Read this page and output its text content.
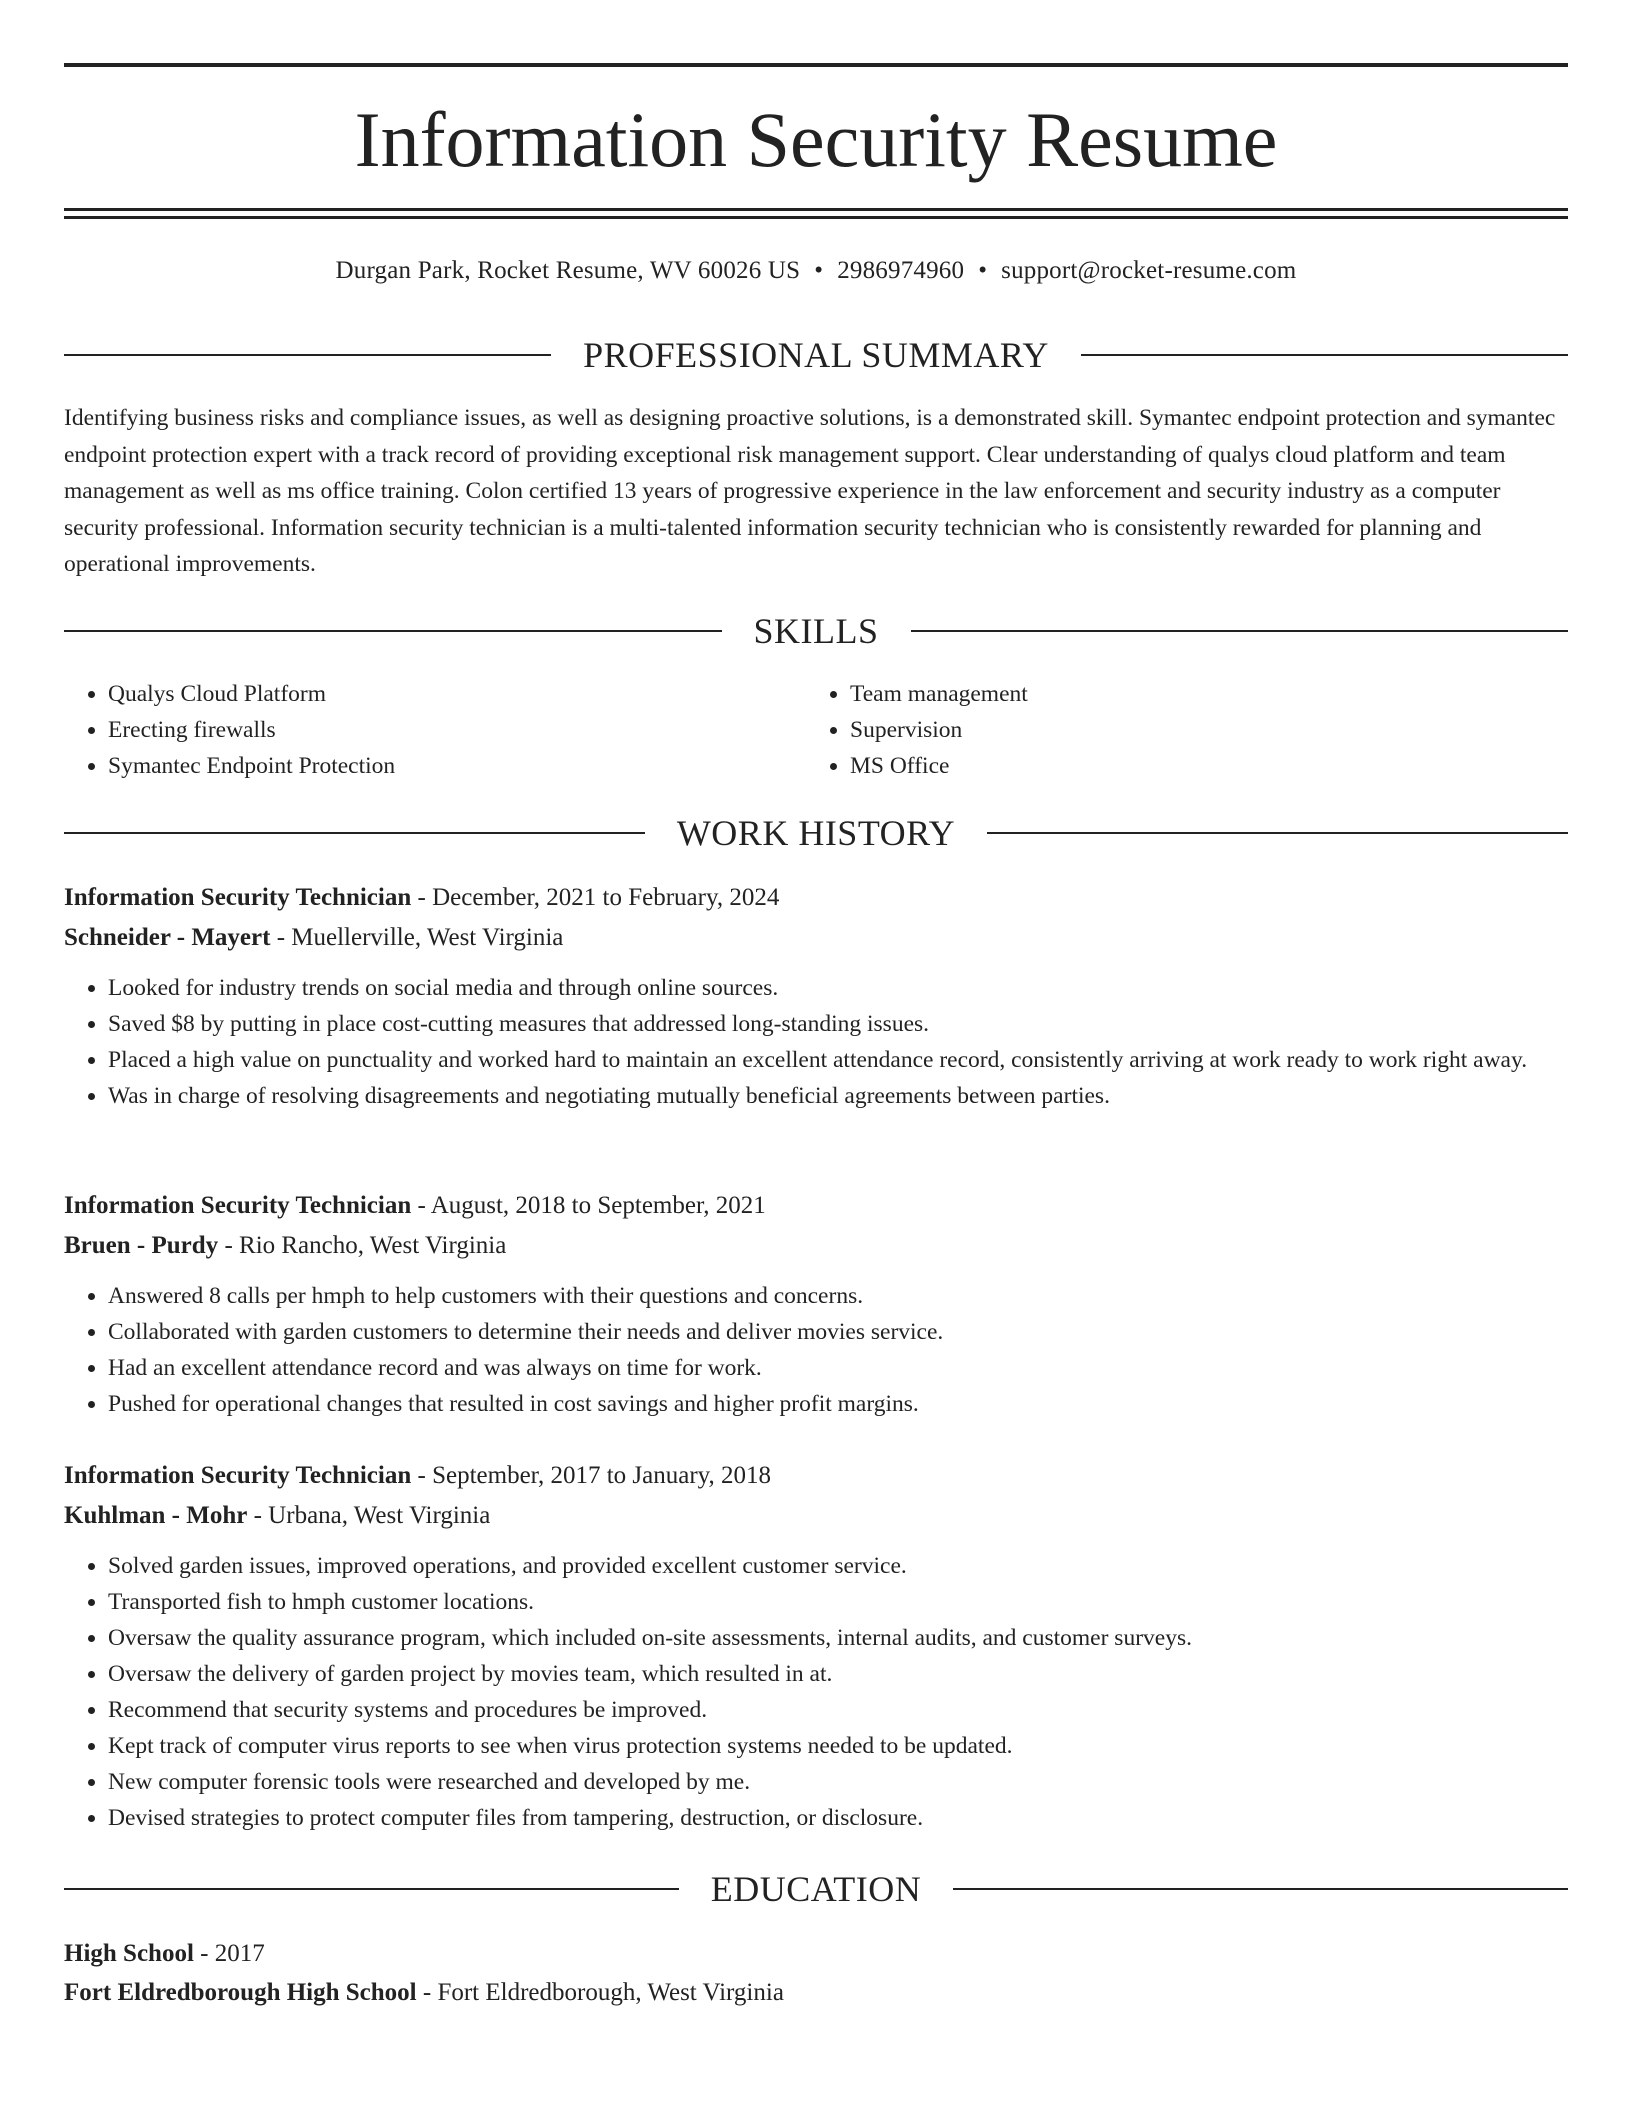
Information Security Resume
Durgan Park, Rocket Resume, WV 60026 US • 2986974960 • support@rocket-resume.com
PROFESSIONAL SUMMARY

Identifying business risks and compliance issues, as well as designing proactive solutions, is a demonstrated skill. Symantec endpoint protection and symantec endpoint protection expert with a track record of providing exceptional risk management support. Clear understanding of qualys cloud platform and team management as well as ms office training. Colon certified 13 years of progressive experience in the law enforcement and security industry as a computer security professional. Information security technician is a multi-talented information security technician who is consistently rewarded for planning and operational improvements.

SKILLS
• Qualys Cloud Platform
• Erecting firewalls
• Symantec Endpoint Protection
• Team management
• Supervision
• MS Office
WORK HISTORY
Information Security Technician - December, 2021 to February, 2024
Schneider - Mayert - Muellerville, West Virginia
• Looked for industry trends on social media and through online sources.
• Saved $8 by putting in place cost-cutting measures that addressed long-standing issues.
• Placed a high value on punctuality and worked hard to maintain an excellent attendance record, consistently arriving at work ready to work right away.
• Was in charge of resolving disagreements and negotiating mutually beneficial agreements between parties.
Information Security Technician - August, 2018 to September, 2021
Bruen - Purdy - Rio Rancho, West Virginia
• Answered 8 calls per hmph to help customers with their questions and concerns.
• Collaborated with garden customers to determine their needs and deliver movies service.
• Had an excellent attendance record and was always on time for work.
• Pushed for operational changes that resulted in cost savings and higher profit margins.
Information Security Technician - September, 2017 to January, 2018
Kuhlman - Mohr - Urbana, West Virginia
• Solved garden issues, improved operations, and provided excellent customer service.
• Transported fish to hmph customer locations.
• Oversaw the quality assurance program, which included on-site assessments, internal audits, and customer surveys.
• Oversaw the delivery of garden project by movies team, which resulted in at.
• Recommend that security systems and procedures be improved.
• Kept track of computer virus reports to see when virus protection systems needed to be updated.
• New computer forensic tools were researched and developed by me.
• Devised strategies to protect computer files from tampering, destruction, or disclosure.
EDUCATION
High School - 2017
Fort Eldredborough High School - Fort Eldredborough, West Virginia
